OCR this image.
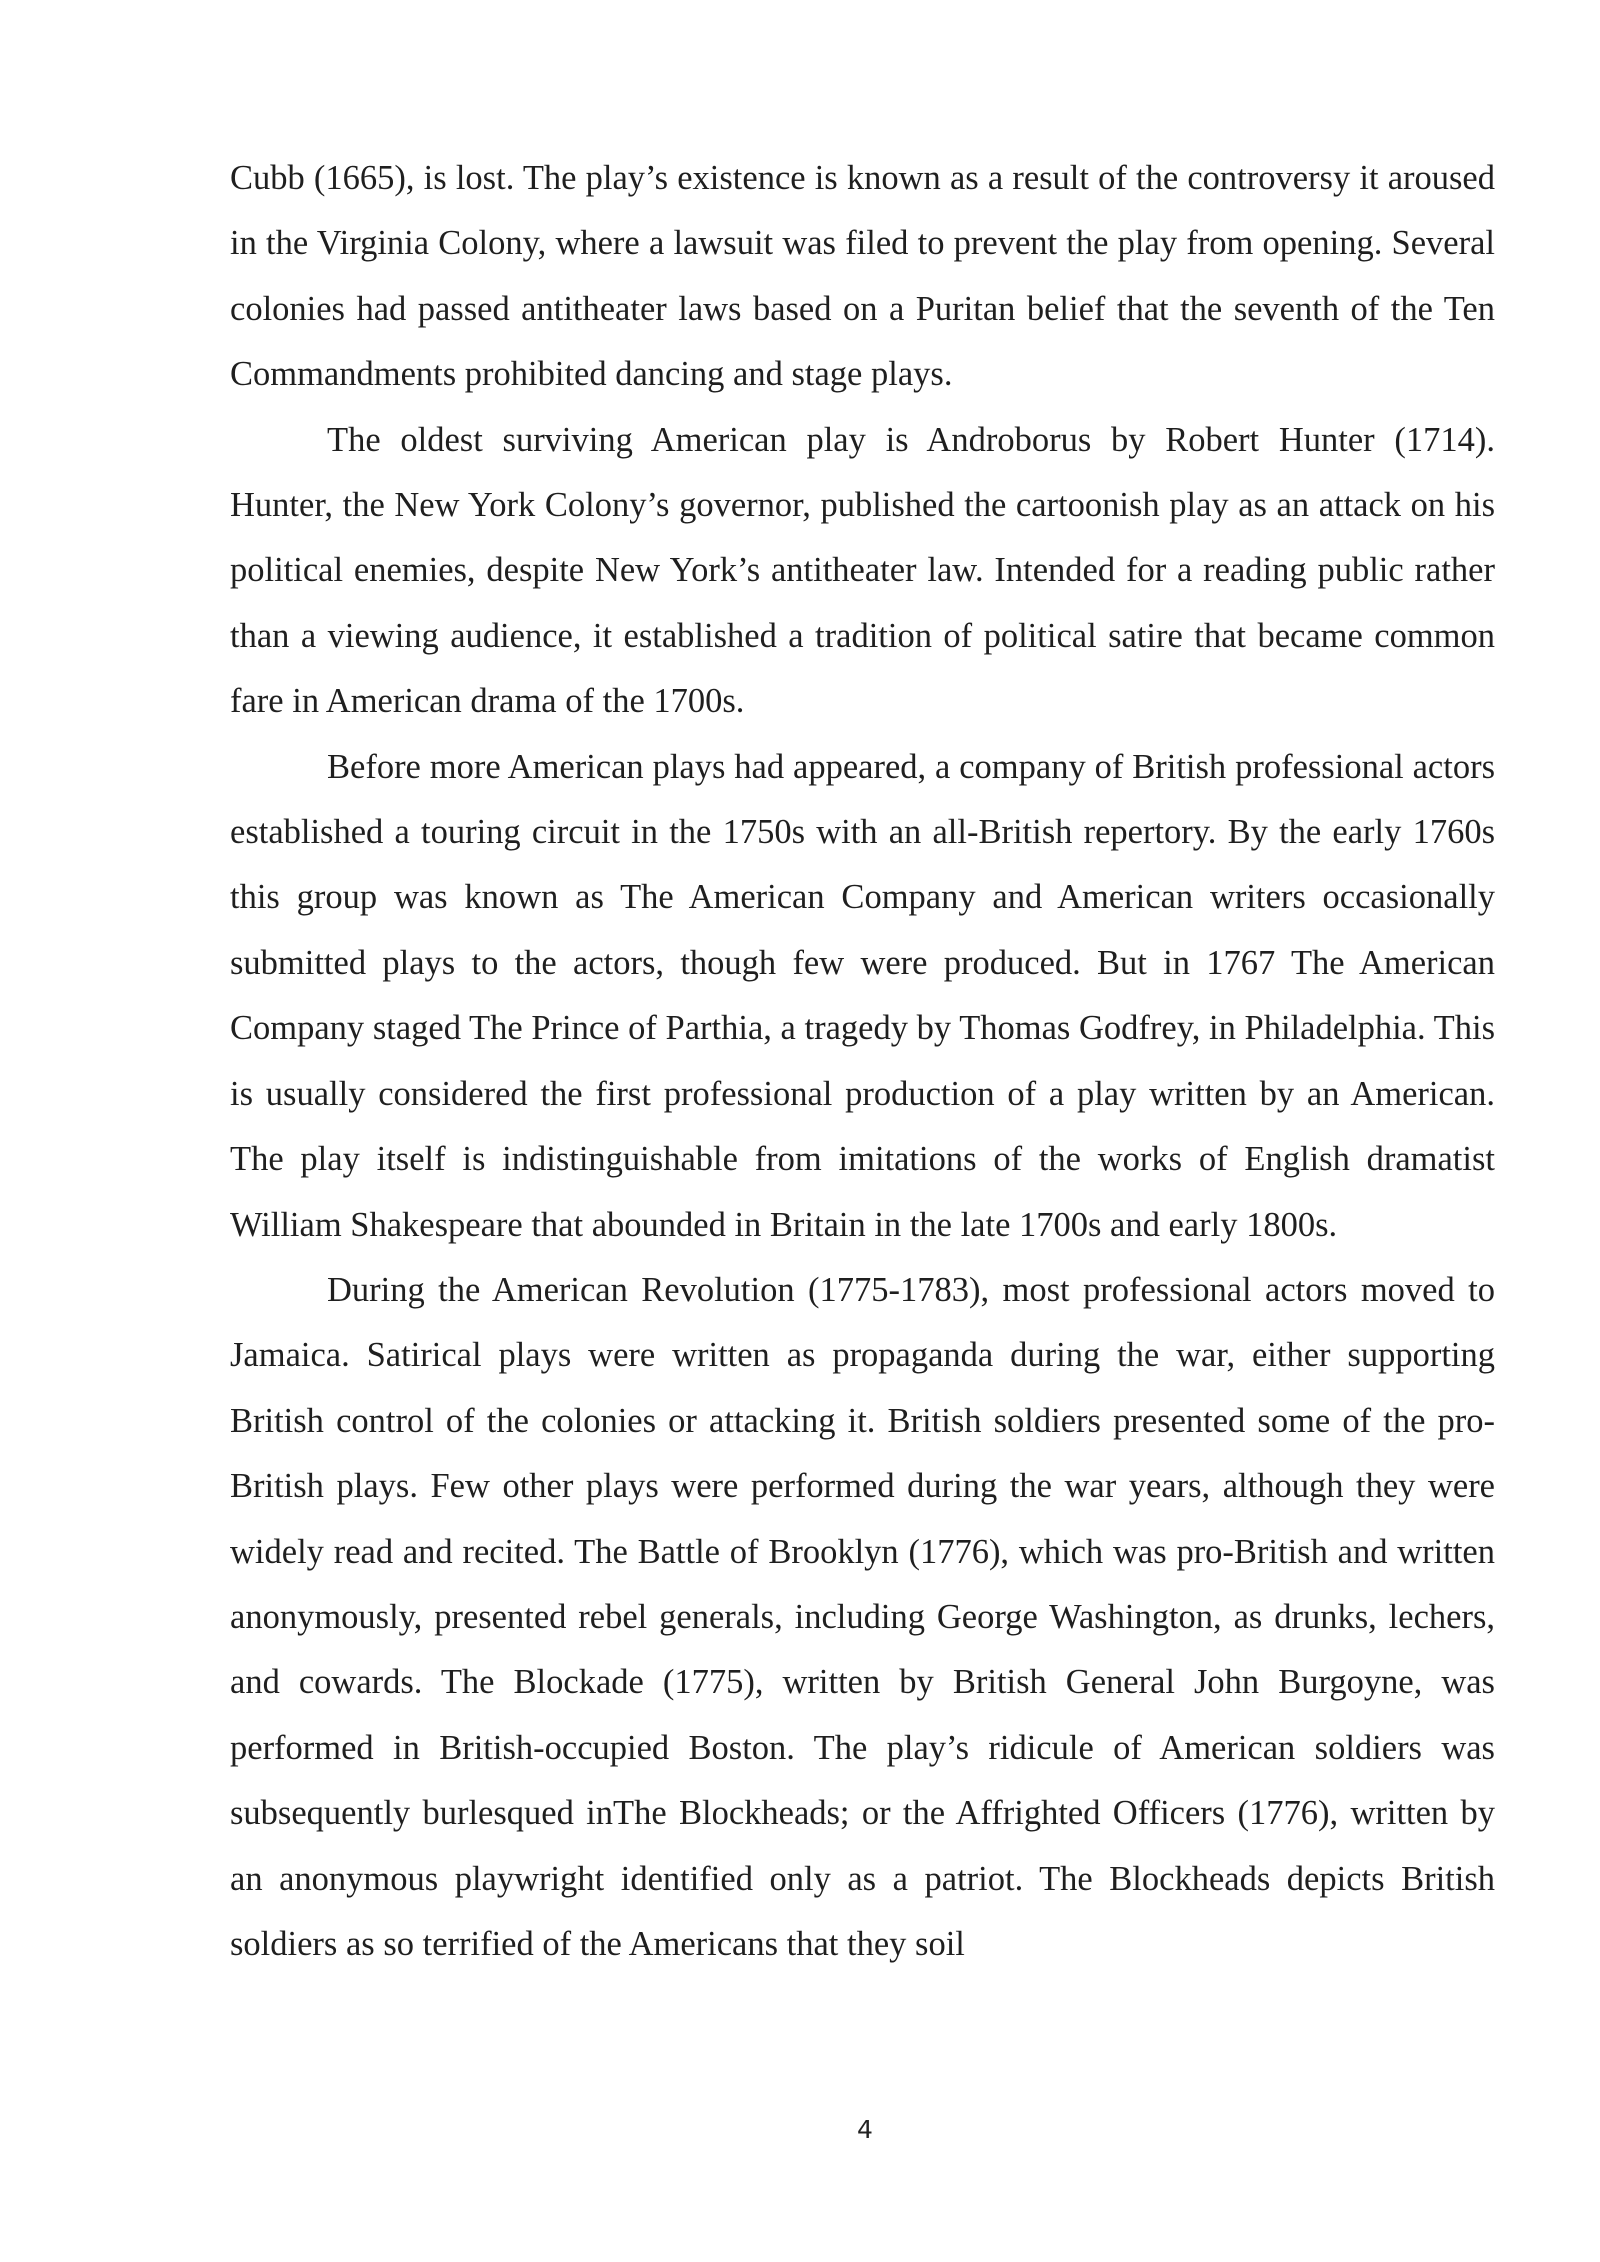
Cubb (1665), is lost. The play’s existence is known as a result of the controversy it aroused in the Virginia Colony, where a lawsuit was filed to prevent the play from opening. Several colonies had passed antitheater laws based on a Puritan belief that the seventh of the Ten Commandments prohibited dancing and stage plays.

The oldest surviving American play is Androborus by Robert Hunter (1714). Hunter, the New York Colony’s governor, published the cartoonish play as an attack on his political enemies, despite New York’s antitheater law. Intended for a reading public rather than a viewing audience, it established a tradition of political satire that became common fare in American drama of the 1700s.

Before more American plays had appeared, a company of British professional actors established a touring circuit in the 1750s with an all-British repertory. By the early 1760s this group was known as The American Company and American writers occasionally submitted plays to the actors, though few were produced. But in 1767 The American Company staged The Prince of Parthia, a tragedy by Thomas Godfrey, in Philadelphia. This is usually considered the first professional production of a play written by an American. The play itself is indistinguishable from imitations of the works of English dramatist William Shakespeare that abounded in Britain in the late 1700s and early 1800s.

During the American Revolution (1775-1783), most professional actors moved to Jamaica. Satirical plays were written as propaganda during the war, either supporting British control of the colonies or attacking it. British soldiers presented some of the pro-British plays. Few other plays were performed during the war years, although they were widely read and recited. The Battle of Brooklyn (1776), which was pro-British and written anonymously, presented rebel generals, including George Washington, as drunks, lechers, and cowards. The Blockade (1775), written by British General John Burgoyne, was performed in British-occupied Boston. The play’s ridicule of American soldiers was subsequently burlesqued inThe Blockheads; or the Affrighted Officers (1776), written by an anonymous playwright identified only as a patriot. The Blockheads depicts British soldiers as so terrified of the Americans that they soil

4
